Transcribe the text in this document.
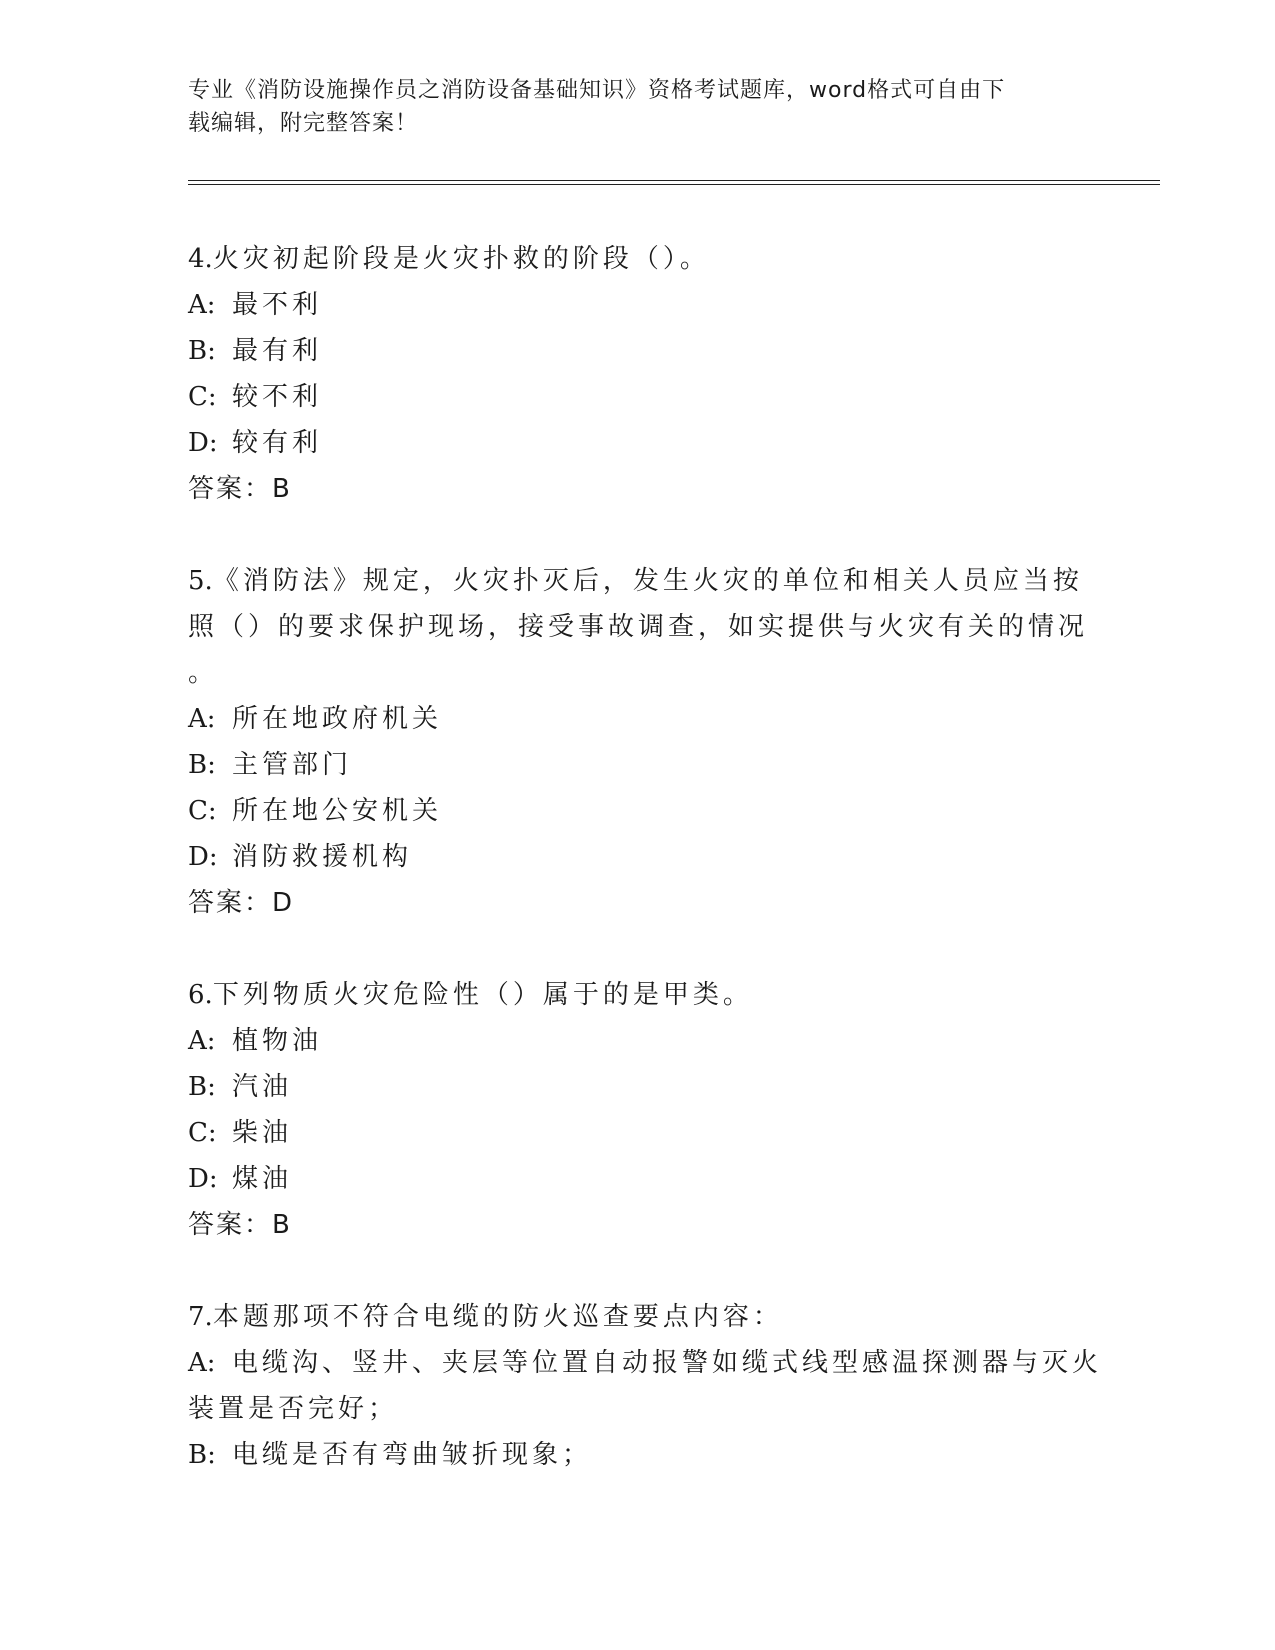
专业《消防设施操作员之消防设备基础知识》资格考试题库，word格式可自由下
载编辑，附完整答案！
4.火灾初起阶段是火灾扑救的阶段（）。
A: 最不利
B: 最有利
C: 较不利
D: 较有利
答案：B
5.《消防法》规定，火灾扑灭后，发生火灾的单位和相关人员应当按
照（）的要求保护现场，接受事故调查，如实提供与火灾有关的情况
。
A: 所在地政府机关
B: 主管部门
C: 所在地公安机关
D: 消防救援机构
答案：D
6.下列物质火灾危险性（）属于的是甲类。
A: 植物油
B: 汽油
C: 柴油
D: 煤油
答案：B
7.本题那项不符合电缆的防火巡查要点内容：
A: 电缆沟、竖井、夹层等位置自动报警如缆式线型感温探测器与灭火
装置是否完好；
B: 电缆是否有弯曲皱折现象；
